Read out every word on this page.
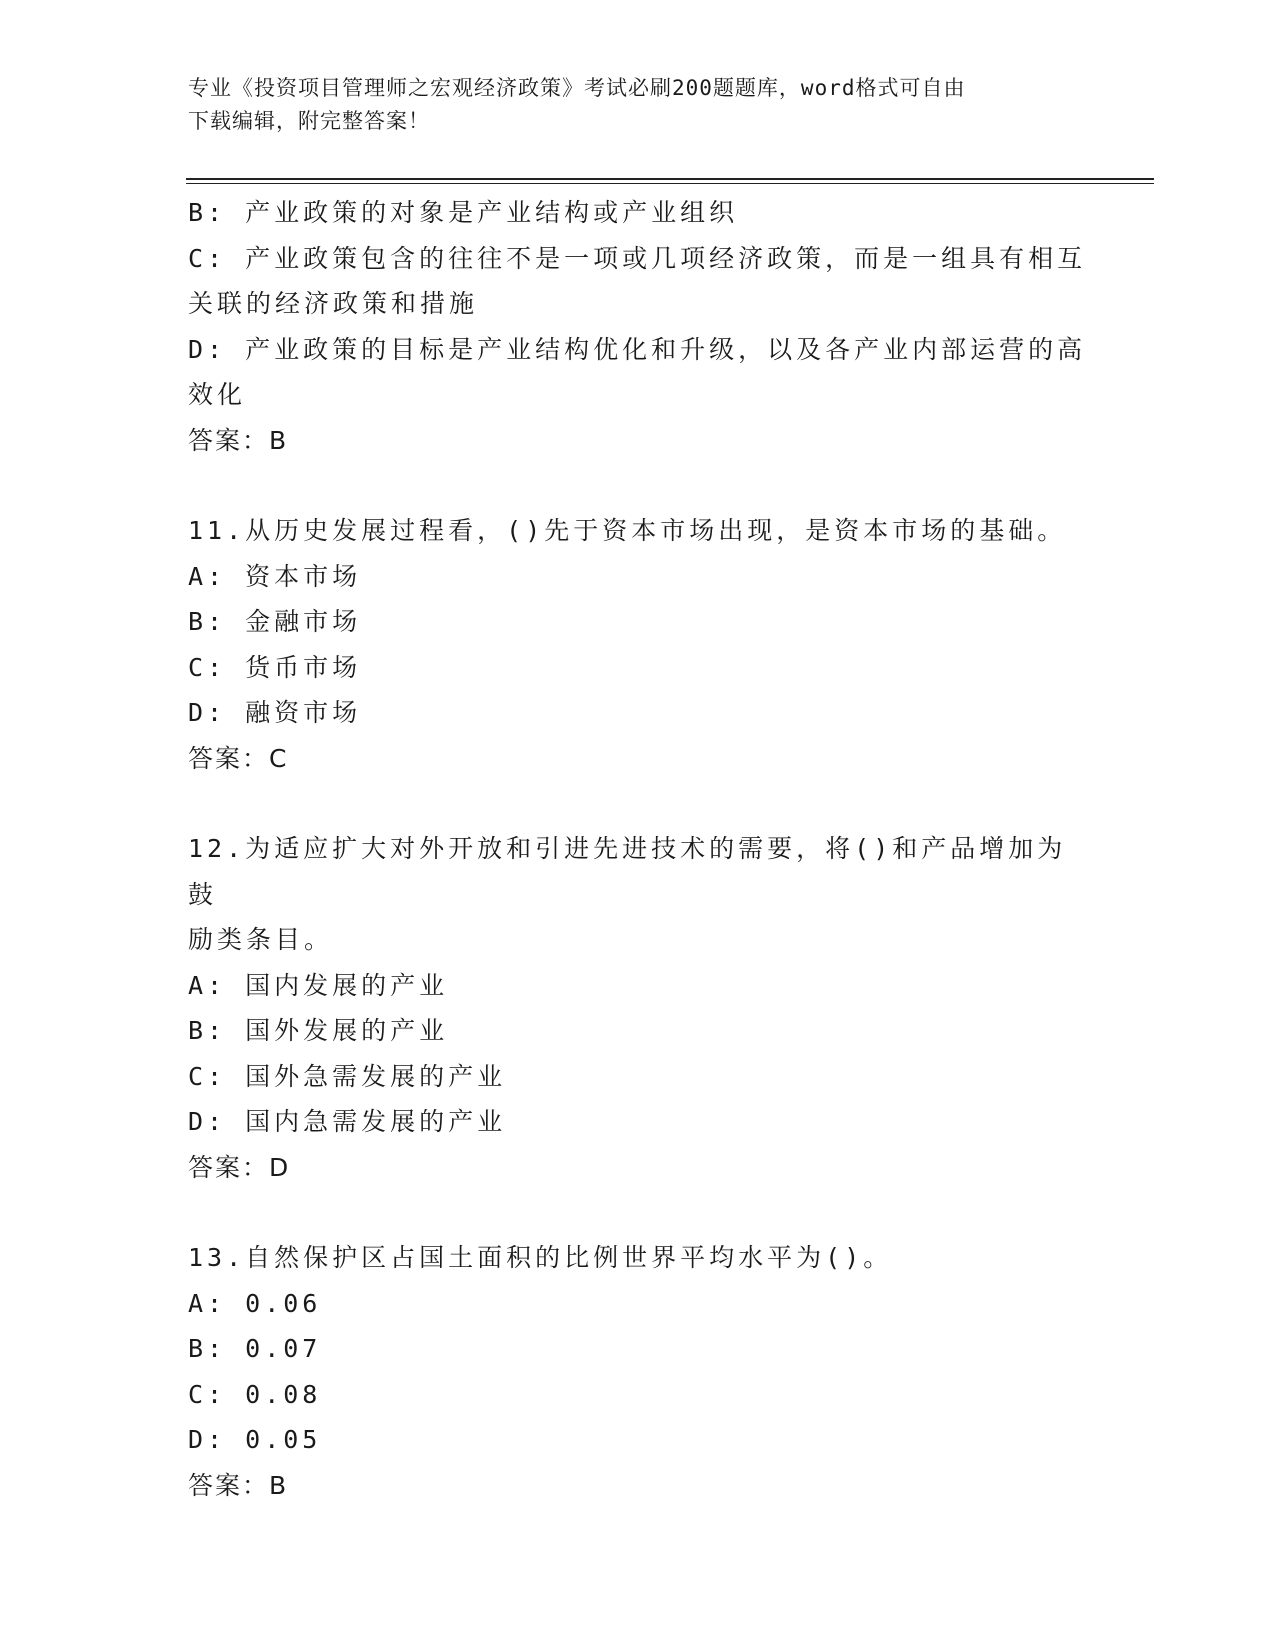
专业《投资项目管理师之宏观经济政策》考试必刷200题题库，word格式可自由
下载编辑，附完整答案！
B: 产业政策的对象是产业结构或产业组织
C: 产业政策包含的往往不是一项或几项经济政策，而是一组具有相互
关联的经济政策和措施
D: 产业政策的目标是产业结构优化和升级，以及各产业内部运营的高
效化
答案：B
11.从历史发展过程看，()先于资本市场出现，是资本市场的基础。
A: 资本市场
B: 金融市场
C: 货币市场
D: 融资市场
答案：C
12.为适应扩大对外开放和引进先进技术的需要，将()和产品增加为鼓
励类条目。
A: 国内发展的产业
B: 国外发展的产业
C: 国外急需发展的产业
D: 国内急需发展的产业
答案：D
13.自然保护区占国土面积的比例世界平均水平为()。
A: 0.06
B: 0.07
C: 0.08
D: 0.05
答案：B
